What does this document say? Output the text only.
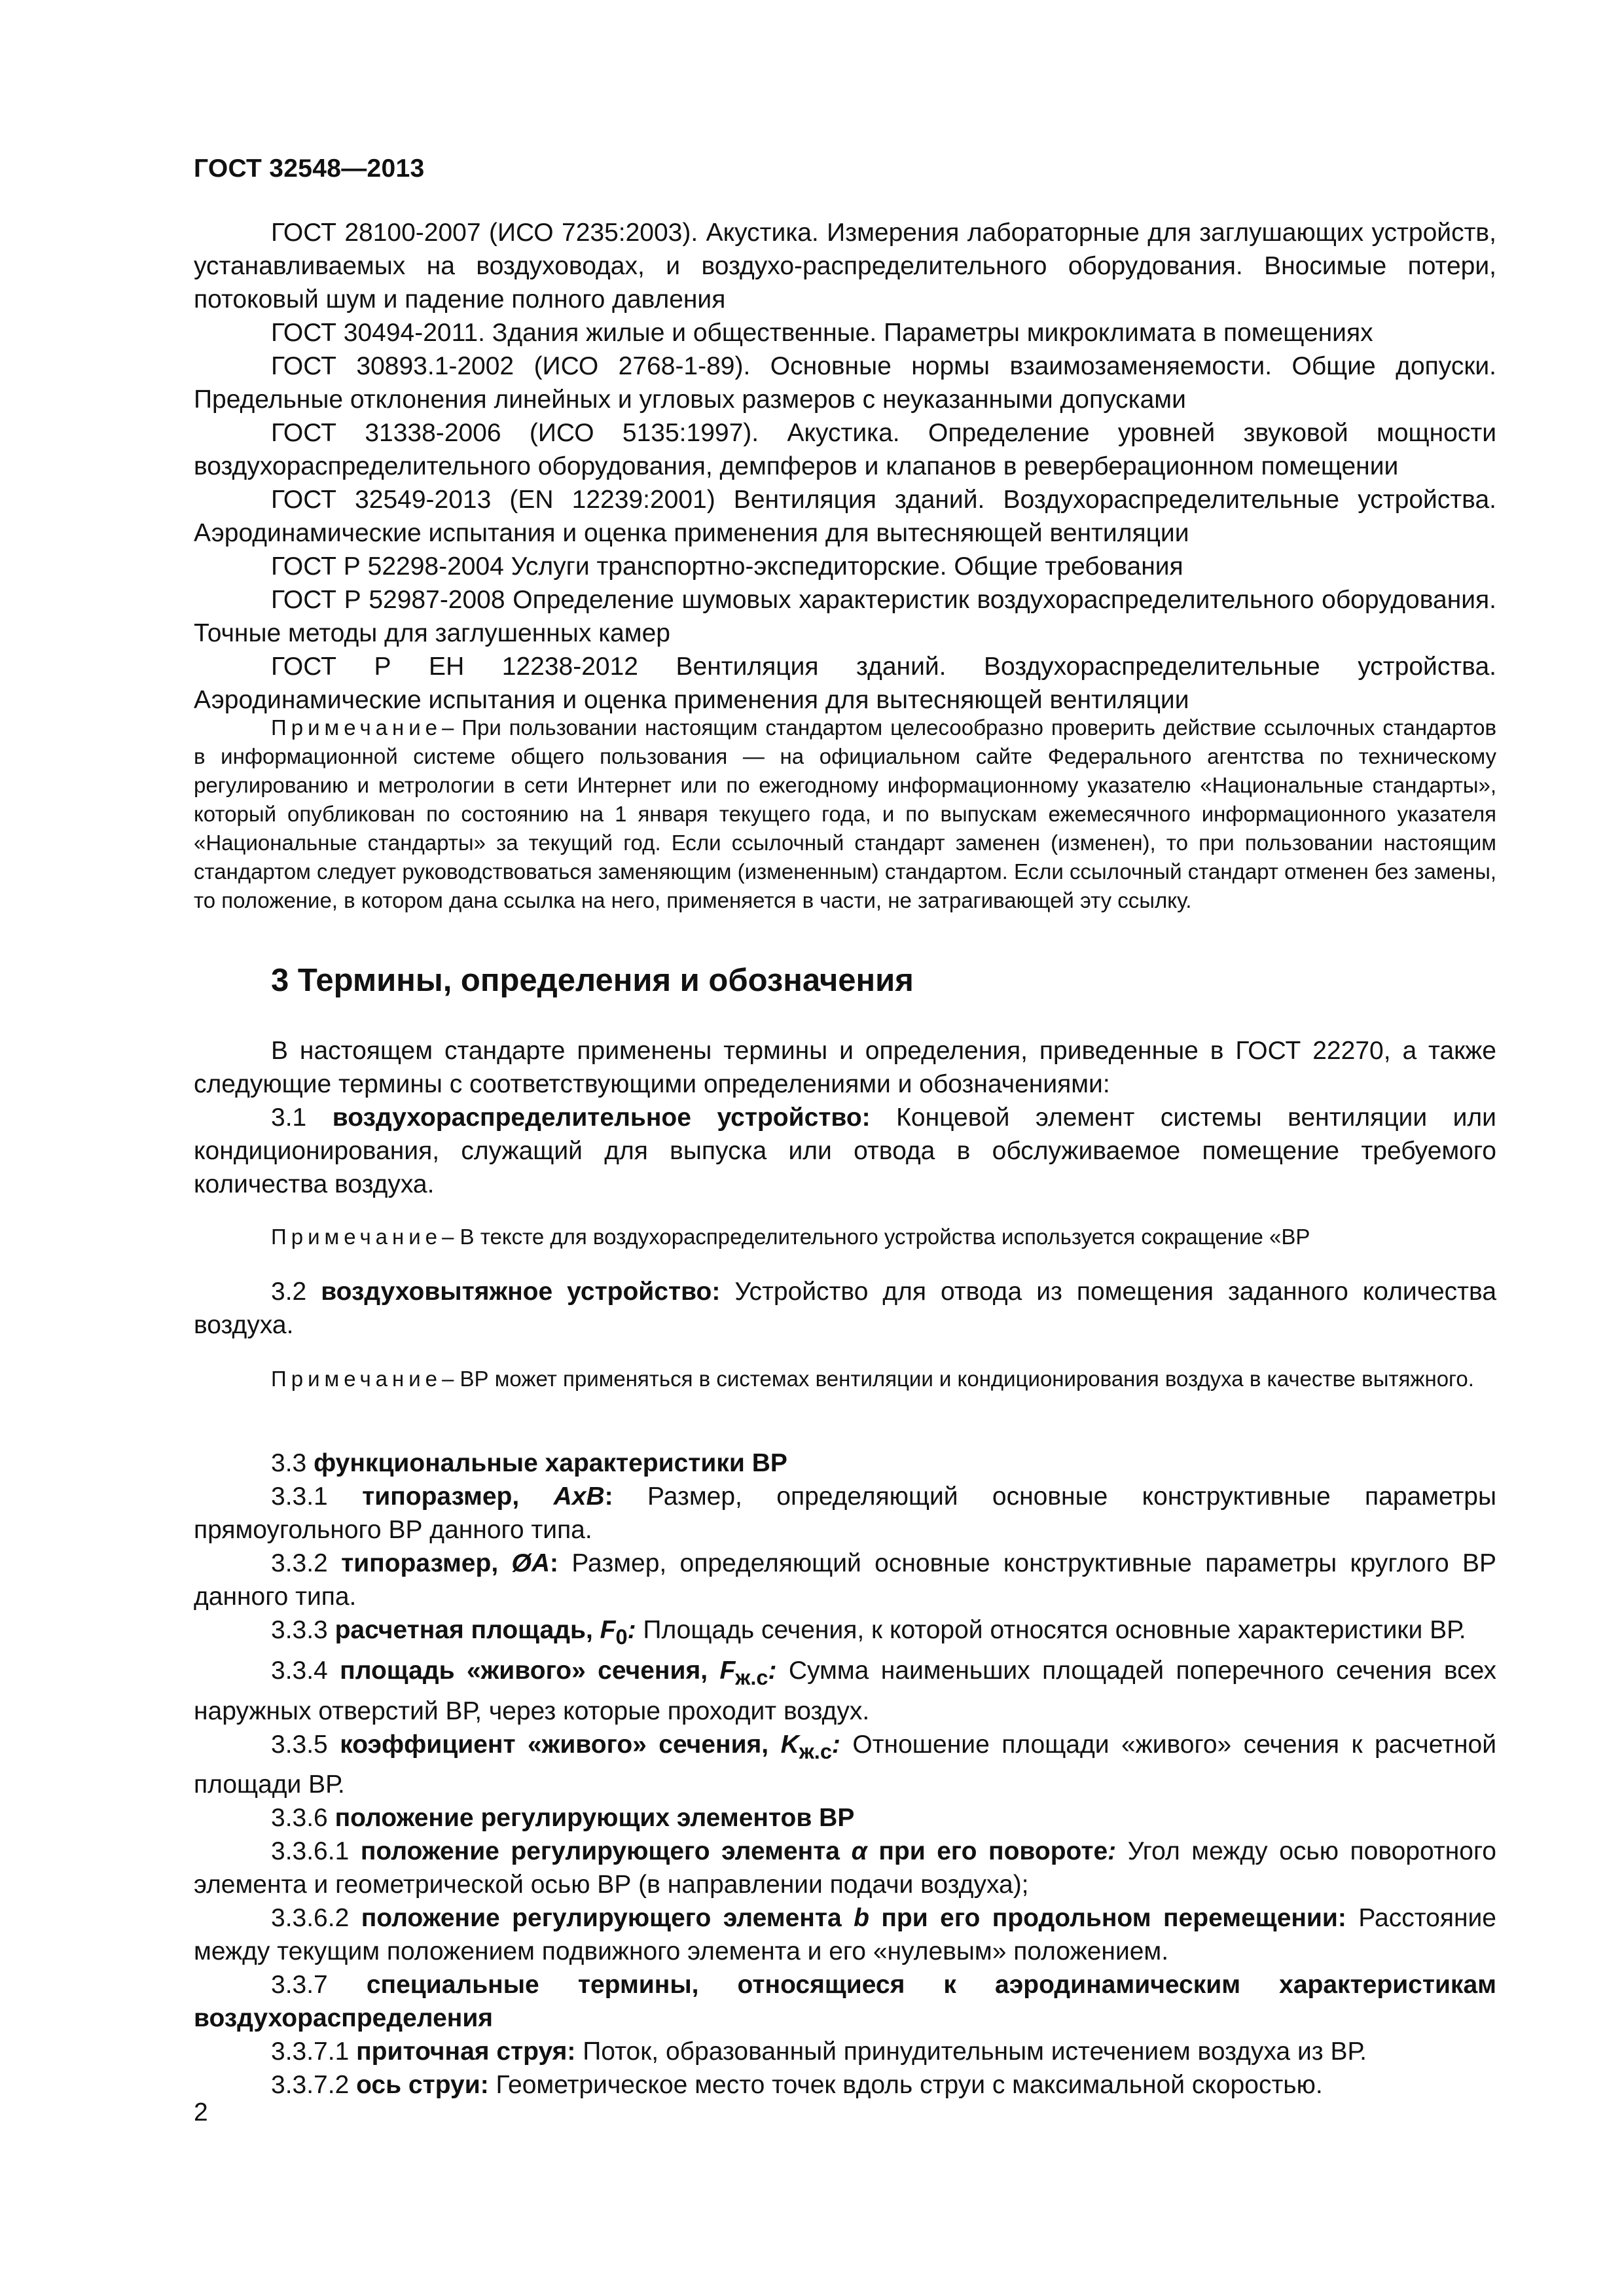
ГОСТ 32548—2013

ГОСТ 28100-2007 (ИСО 7235:2003). Акустика. Измерения лабораторные для заглушающих устройств, устанавливаемых на воздуховодах, и воздухо-распределительного оборудования. Вносимые потери, потоковый шум и падение полного давления

ГОСТ 30494-2011. Здания жилые и общественные. Параметры микроклимата в помещениях

ГОСТ 30893.1-2002 (ИСО 2768-1-89). Основные нормы взаимозаменяемости. Общие допуски. Предельные отклонения линейных и угловых размеров с неуказанными допусками

ГОСТ 31338-2006 (ИСО 5135:1997). Акустика. Определение уровней звуковой мощности воздухораспределительного оборудования, демпферов и клапанов в реверберационном помещении

ГОСТ 32549-2013 (EN 12239:2001) Вентиляция зданий. Воздухораспределительные устройства. Аэродинамические испытания и оценка применения для вытесняющей вентиляции

ГОСТ Р 52298-2004 Услуги транспортно-экспедиторские. Общие требования

ГОСТ Р 52987-2008 Определение шумовых характеристик воздухораспределительного оборудования. Точные методы для заглушенных камер

ГОСТ Р ЕН 12238-2012 Вентиляция зданий. Воздухораспределительные устройства. Аэродинамические испытания и оценка применения для вытесняющей вентиляции

Примечание– При пользовании настоящим стандартом целесообразно проверить действие ссылочных стандартов в информационной системе общего пользования — на официальном сайте Федерального агентства по техническому регулированию и метрологии в сети Интернет или по ежегодному информационному указателю «Национальные стандарты», который опубликован по состоянию на 1 января текущего года, и по выпускам ежемесячного информационного указателя «Национальные стандарты» за текущий год. Если ссылочный стандарт заменен (изменен), то при пользовании настоящим стандартом следует руководствоваться заменяющим (измененным) стандартом. Если ссылочный стандарт отменен без замены, то положение, в котором дана ссылка на него, применяется в части, не затрагивающей эту ссылку.

3 Термины, определения и обозначения

В настоящем стандарте применены термины и определения, приведенные в ГОСТ 22270, а также следующие термины с соответствующими определениями и обозначениями:

3.1 воздухораспределительное устройство: Концевой элемент системы вентиляции или кондиционирования, служащий для выпуска или отвода в обслуживаемое помещение требуемого количества воздуха.

Примечание– В тексте для воздухораспределительного устройства используется сокращение «ВР

3.2 воздуховытяжное устройство: Устройство для отвода из помещения заданного количества воздуха.

Примечание– ВР может применяться в системах вентиляции и кондиционирования воздуха в качестве вытяжного.

3.3 функциональные характеристики ВР

3.3.1 типоразмер, АхВ: Размер, определяющий основные конструктивные параметры прямоугольного ВР данного типа.

3.3.2 типоразмер, ØA: Размер, определяющий основные конструктивные параметры круглого ВР данного типа.

3.3.3 расчетная площадь, $F_0$: Площадь сечения, к которой относятся основные характеристики ВР.

3.3.4 площадь «живого» сечения, $F_{ж.с}$: Сумма наименьших площадей поперечного сечения всех наружных отверстий ВР, через которые проходит воздух.

3.3.5 коэффициент «живого» сечения, $K_{ж.с}$: Отношение площади «живого» сечения к расчетной площади ВР.

3.3.6 положение регулирующих элементов ВР

3.3.6.1 положение регулирующего элемента α при его повороте: Угол между осью поворотного элемента и геометрической осью ВР (в направлении подачи воздуха);

3.3.6.2 положение регулирующего элемента b при его продольном перемещении: Расстояние между текущим положением подвижного элемента и его «нулевым» положением.

3.3.7 специальные термины, относящиеся к аэродинамическим характеристикам воздухораспределения

3.3.7.1 приточная струя: Поток, образованный принудительным истечением воздуха из ВР.

3.3.7.2 ось струи: Геометрическое место точек вдоль струи с максимальной скоростью.

2
